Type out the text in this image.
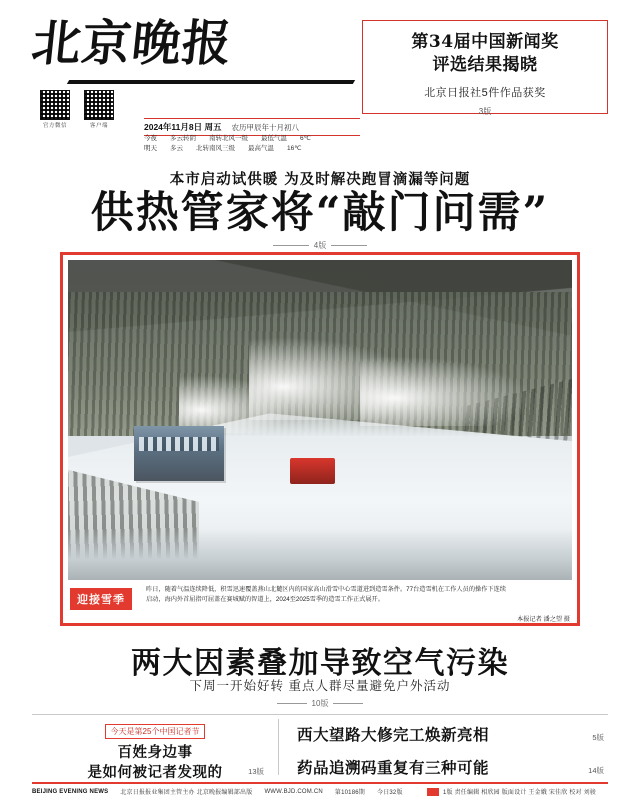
北京晚报
官方微信	客户端
第34届中国新闻奖
评选结果揭晓
北京日报社5件作品获奖
3版
2024年11月8日 周五 农历甲辰年十月初八
今夜 多云转阴 南转北风一级 最低气温 6℃
明天 多云 北转南风三级 最高气温 16℃
本市启动试供暖 为及时解决跑冒滴漏等问题
供热管家将“敲门问需”
4版
迎接雪季
昨日，随着气温连续降低，积雪迅速覆盖燕山北麓区内的国家高山滑雪中心雪道进到造雪条件。77台造雪机在工作人员的操作下连续启动，海内外首屈指可屈盖在赛城赋的智道上，2024至2025雪季的造雪工作正式展开。
本报记者 潘之望 摄
两大因素叠加导致空气污染
下周一开始好转 重点人群尽量避免户外活动
10版
今天是第25个中国记者节
百姓身边事
是如何被记者发现的	13版
西大望路大修完工焕新亮相	5版
药品追溯码重复有三种可能	14版
BEIJING EVENING NEWS 北京日报报业集团主管主办 北京晚报编辑部出版 WWW.BJD.COM.CN 第10186期 今日32版	1版 责任编辑 相欣园 版面设计 王金娥 宋佳欣 校对 刘骏
